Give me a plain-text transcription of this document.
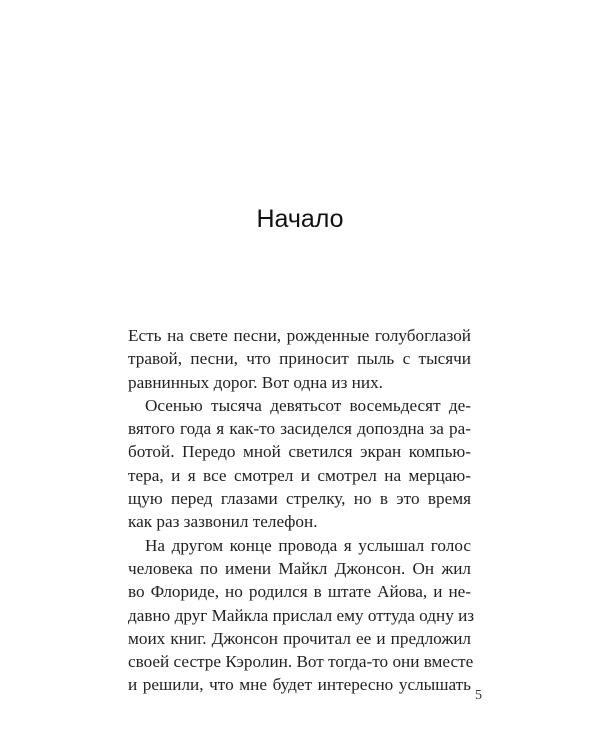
Начало
Есть на свете песни, рожденные голубоглазой
травой, песни, что приносит пыль с тысячи
равнинных дорог. Вот одна из них.
Осенью тысяча девятьсот восемьдесят де-
вятого года я как-то засиделся допоздна за ра-
ботой. Передо мной светился экран компью-
тера, и я все смотрел и смотрел на мерцаю-
щую перед глазами стрелку, но в это время
как раз зазвонил телефон.
На другом конце провода я услышал голос
человека по имени Майкл Джонсон. Он жил
во Флориде, но родился в штате Айова, и не-
давно друг Майкла прислал ему оттуда одну из
моих книг. Джонсон прочитал ее и предложил
своей сестре Кэролин. Вот тогда-то они вместе
и решили, что мне будет интересно услышать
5
